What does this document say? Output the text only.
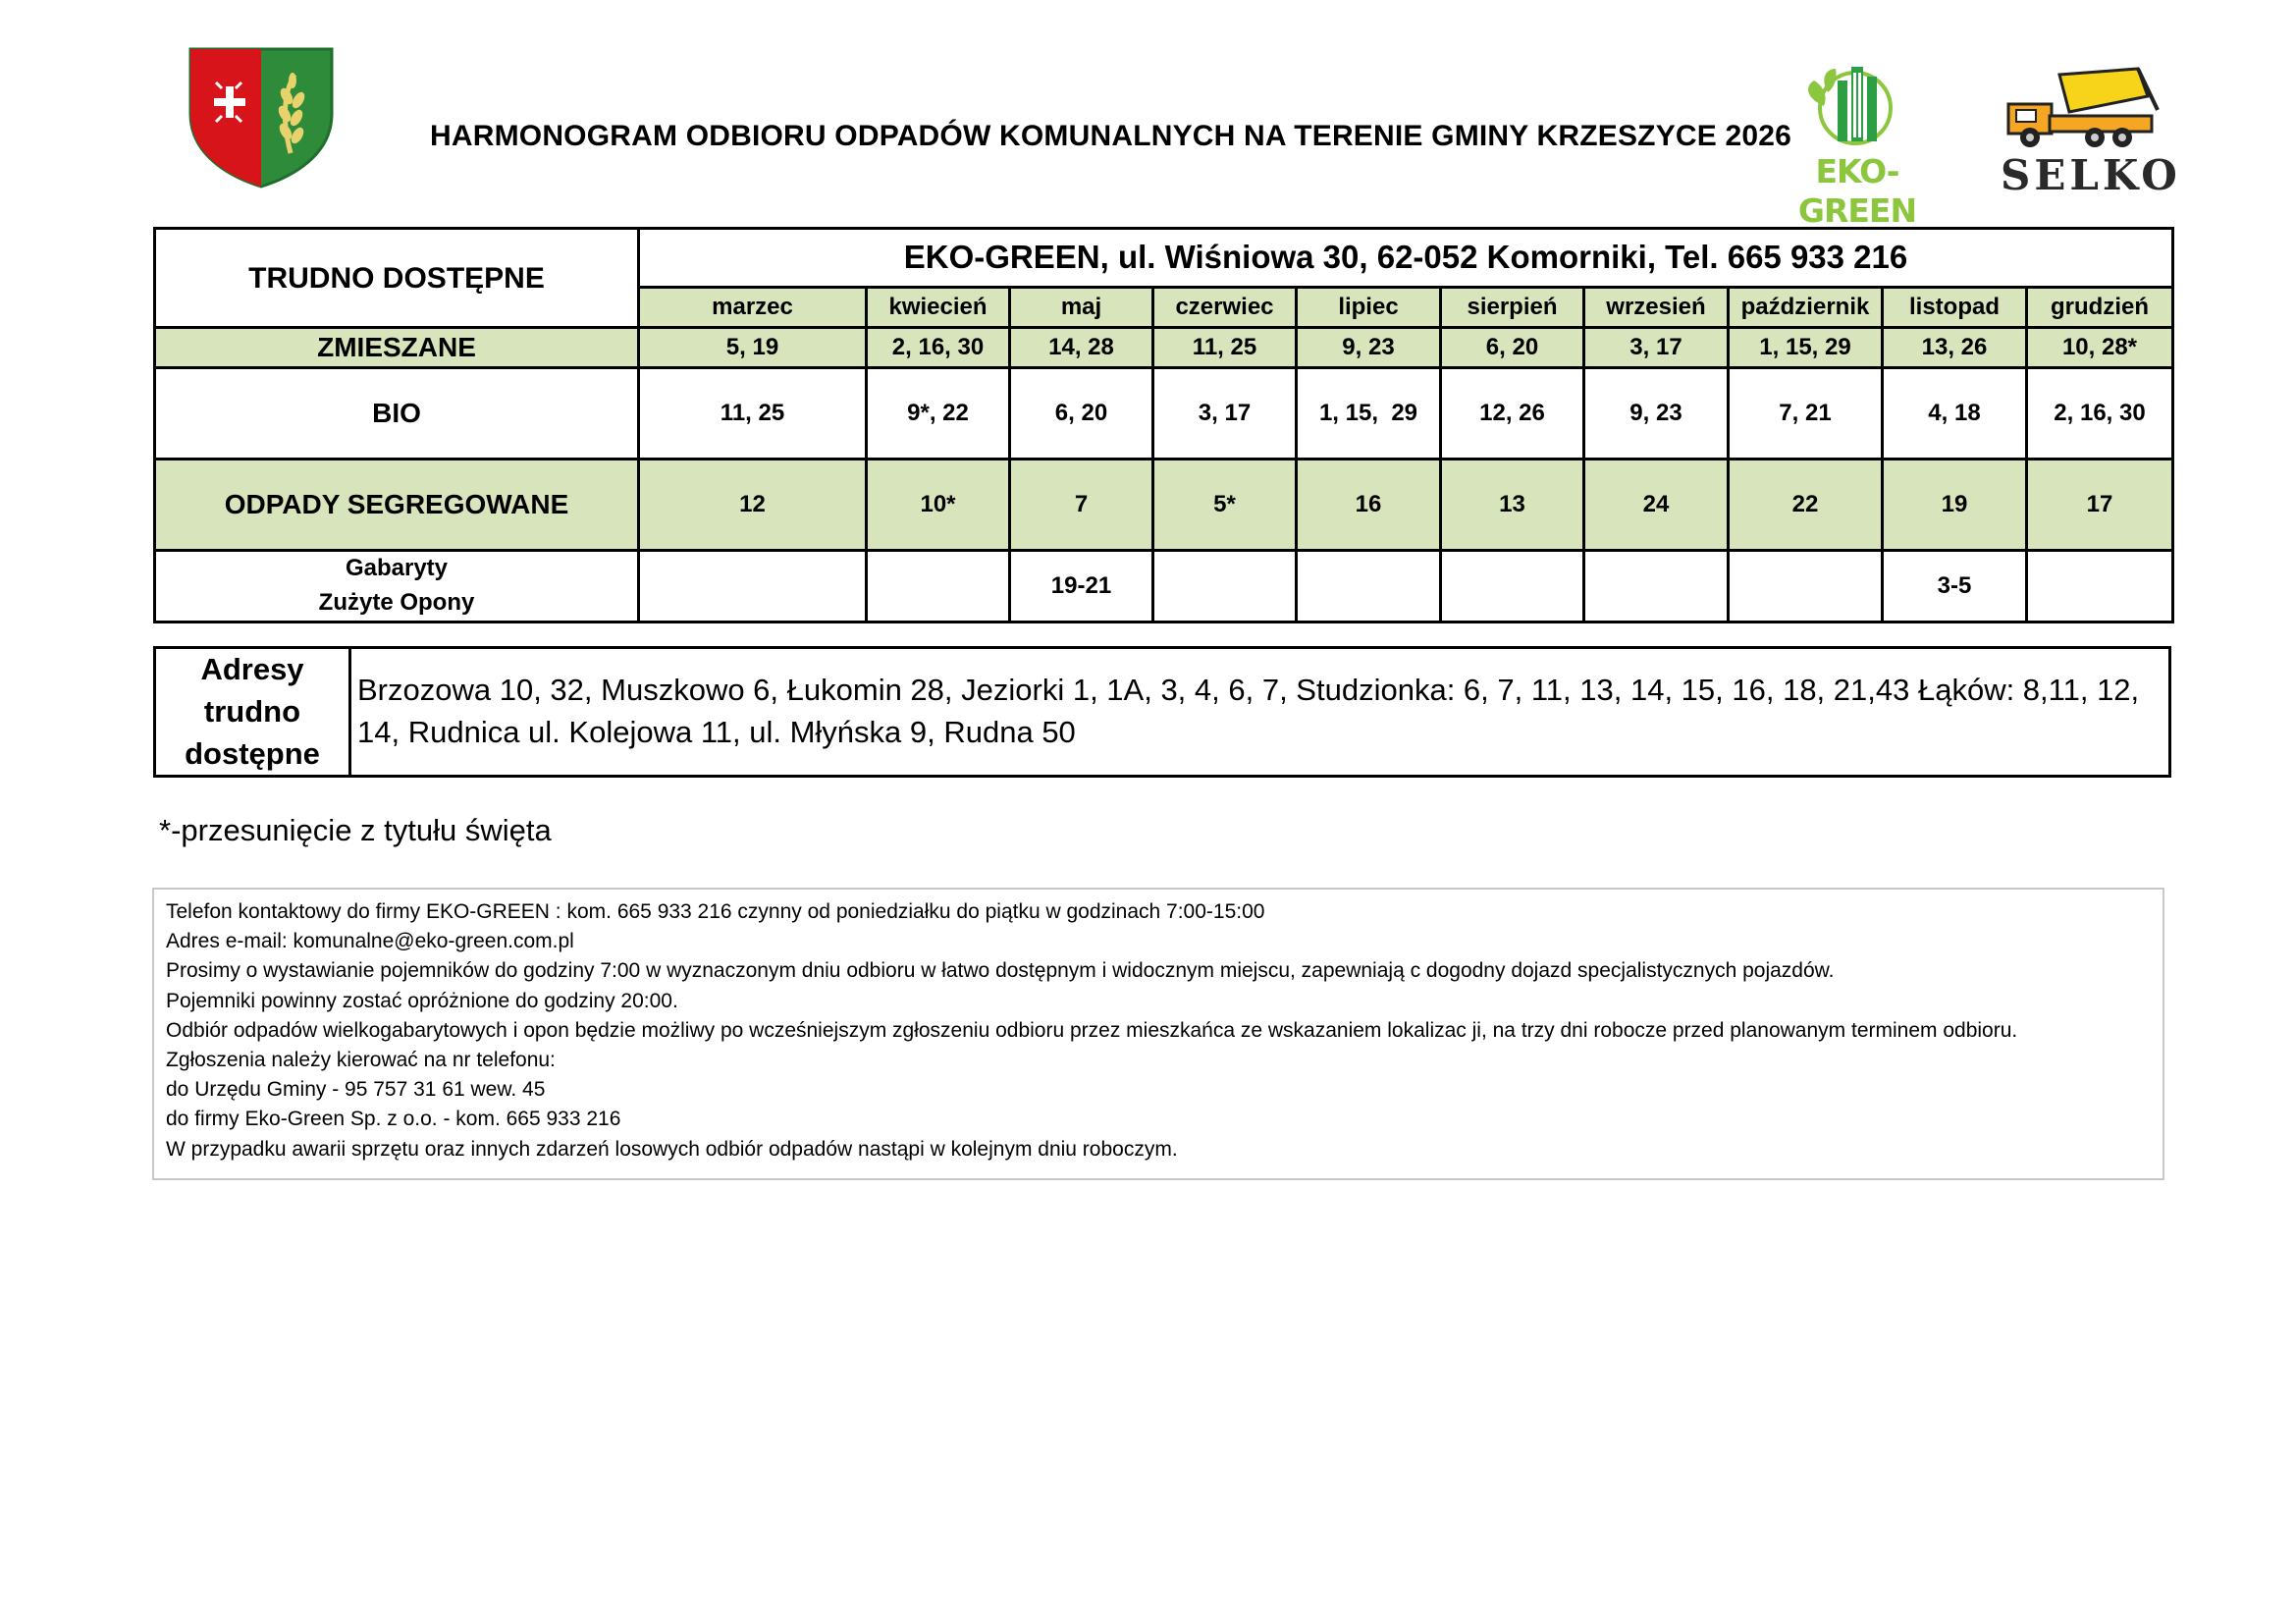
HARMONOGRAM ODBIORU ODPADÓW KOMUNALNYCH NA TERENIE GMINY KRZESZYCE 2026
EKO-GREEN
SELKO
TRUDNO DOSTĘPNE	EKO-GREEN, ul. Wiśniowa 30, 62-052 Komorniki, Tel. 665 933 216									
	marzec	kwiecień	maj	czerwiec	lipiec	sierpień	wrzesień	październik	listopad	grudzień
ZMIESZANE	5, 19	2, 16, 30	14, 28	11, 25	9, 23	6, 20	3, 17	1, 15, 29	13, 26	10, 28*
BIO	11, 25	9*, 22	6, 20	3, 17	1, 15,  29	12, 26	9, 23	7, 21	4, 18	2, 16, 30
ODPADY SEGREGOWANE	12	10*	7	5*	16	13	24	22	19	17

Gabaryty
Zużyte Opony			19-21						3-5	
Adresy
trudno
dostępne
	Brzozowa 10, 32, Muszkowo 6, Łukomin 28, Jeziorki 1, 1A, 3, 4, 6, 7, Studzionka: 6, 7, 11, 13, 14, 15, 16, 18, 21,43 Łąków: 8,11, 12, 14, Rudnica ul. Kolejowa 11, ul. Młyńska 9, Rudna 50
*-przesunięcie z tytułu święta
Telefon kontaktowy do firmy EKO-GREEN : kom. 665 933 216 czynny od poniedziałku do piątku w godzinach 7:00-15:00
Adres e-mail: komunalne@eko-green.com.pl
Prosimy o wystawianie pojemników do godziny 7:00 w wyznaczonym dniu odbioru w łatwo dostępnym i widocznym miejscu, zapewniają c dogodny dojazd specjalistycznych pojazdów.
Pojemniki powinny zostać opróżnione do godziny 20:00.
Odbiór odpadów wielkogabarytowych i opon będzie możliwy po wcześniejszym zgłoszeniu odbioru przez mieszkańca ze wskazaniem lokalizac ji, na trzy dni robocze przed planowanym terminem odbioru.
Zgłoszenia należy kierować na nr telefonu:
do Urzędu Gminy - 95 757 31 61 wew. 45
do firmy Eko-Green Sp. z o.o. - kom. 665 933 216
W przypadku awarii sprzętu oraz innych zdarzeń losowych odbiór odpadów nastąpi w kolejnym dniu roboczym.
